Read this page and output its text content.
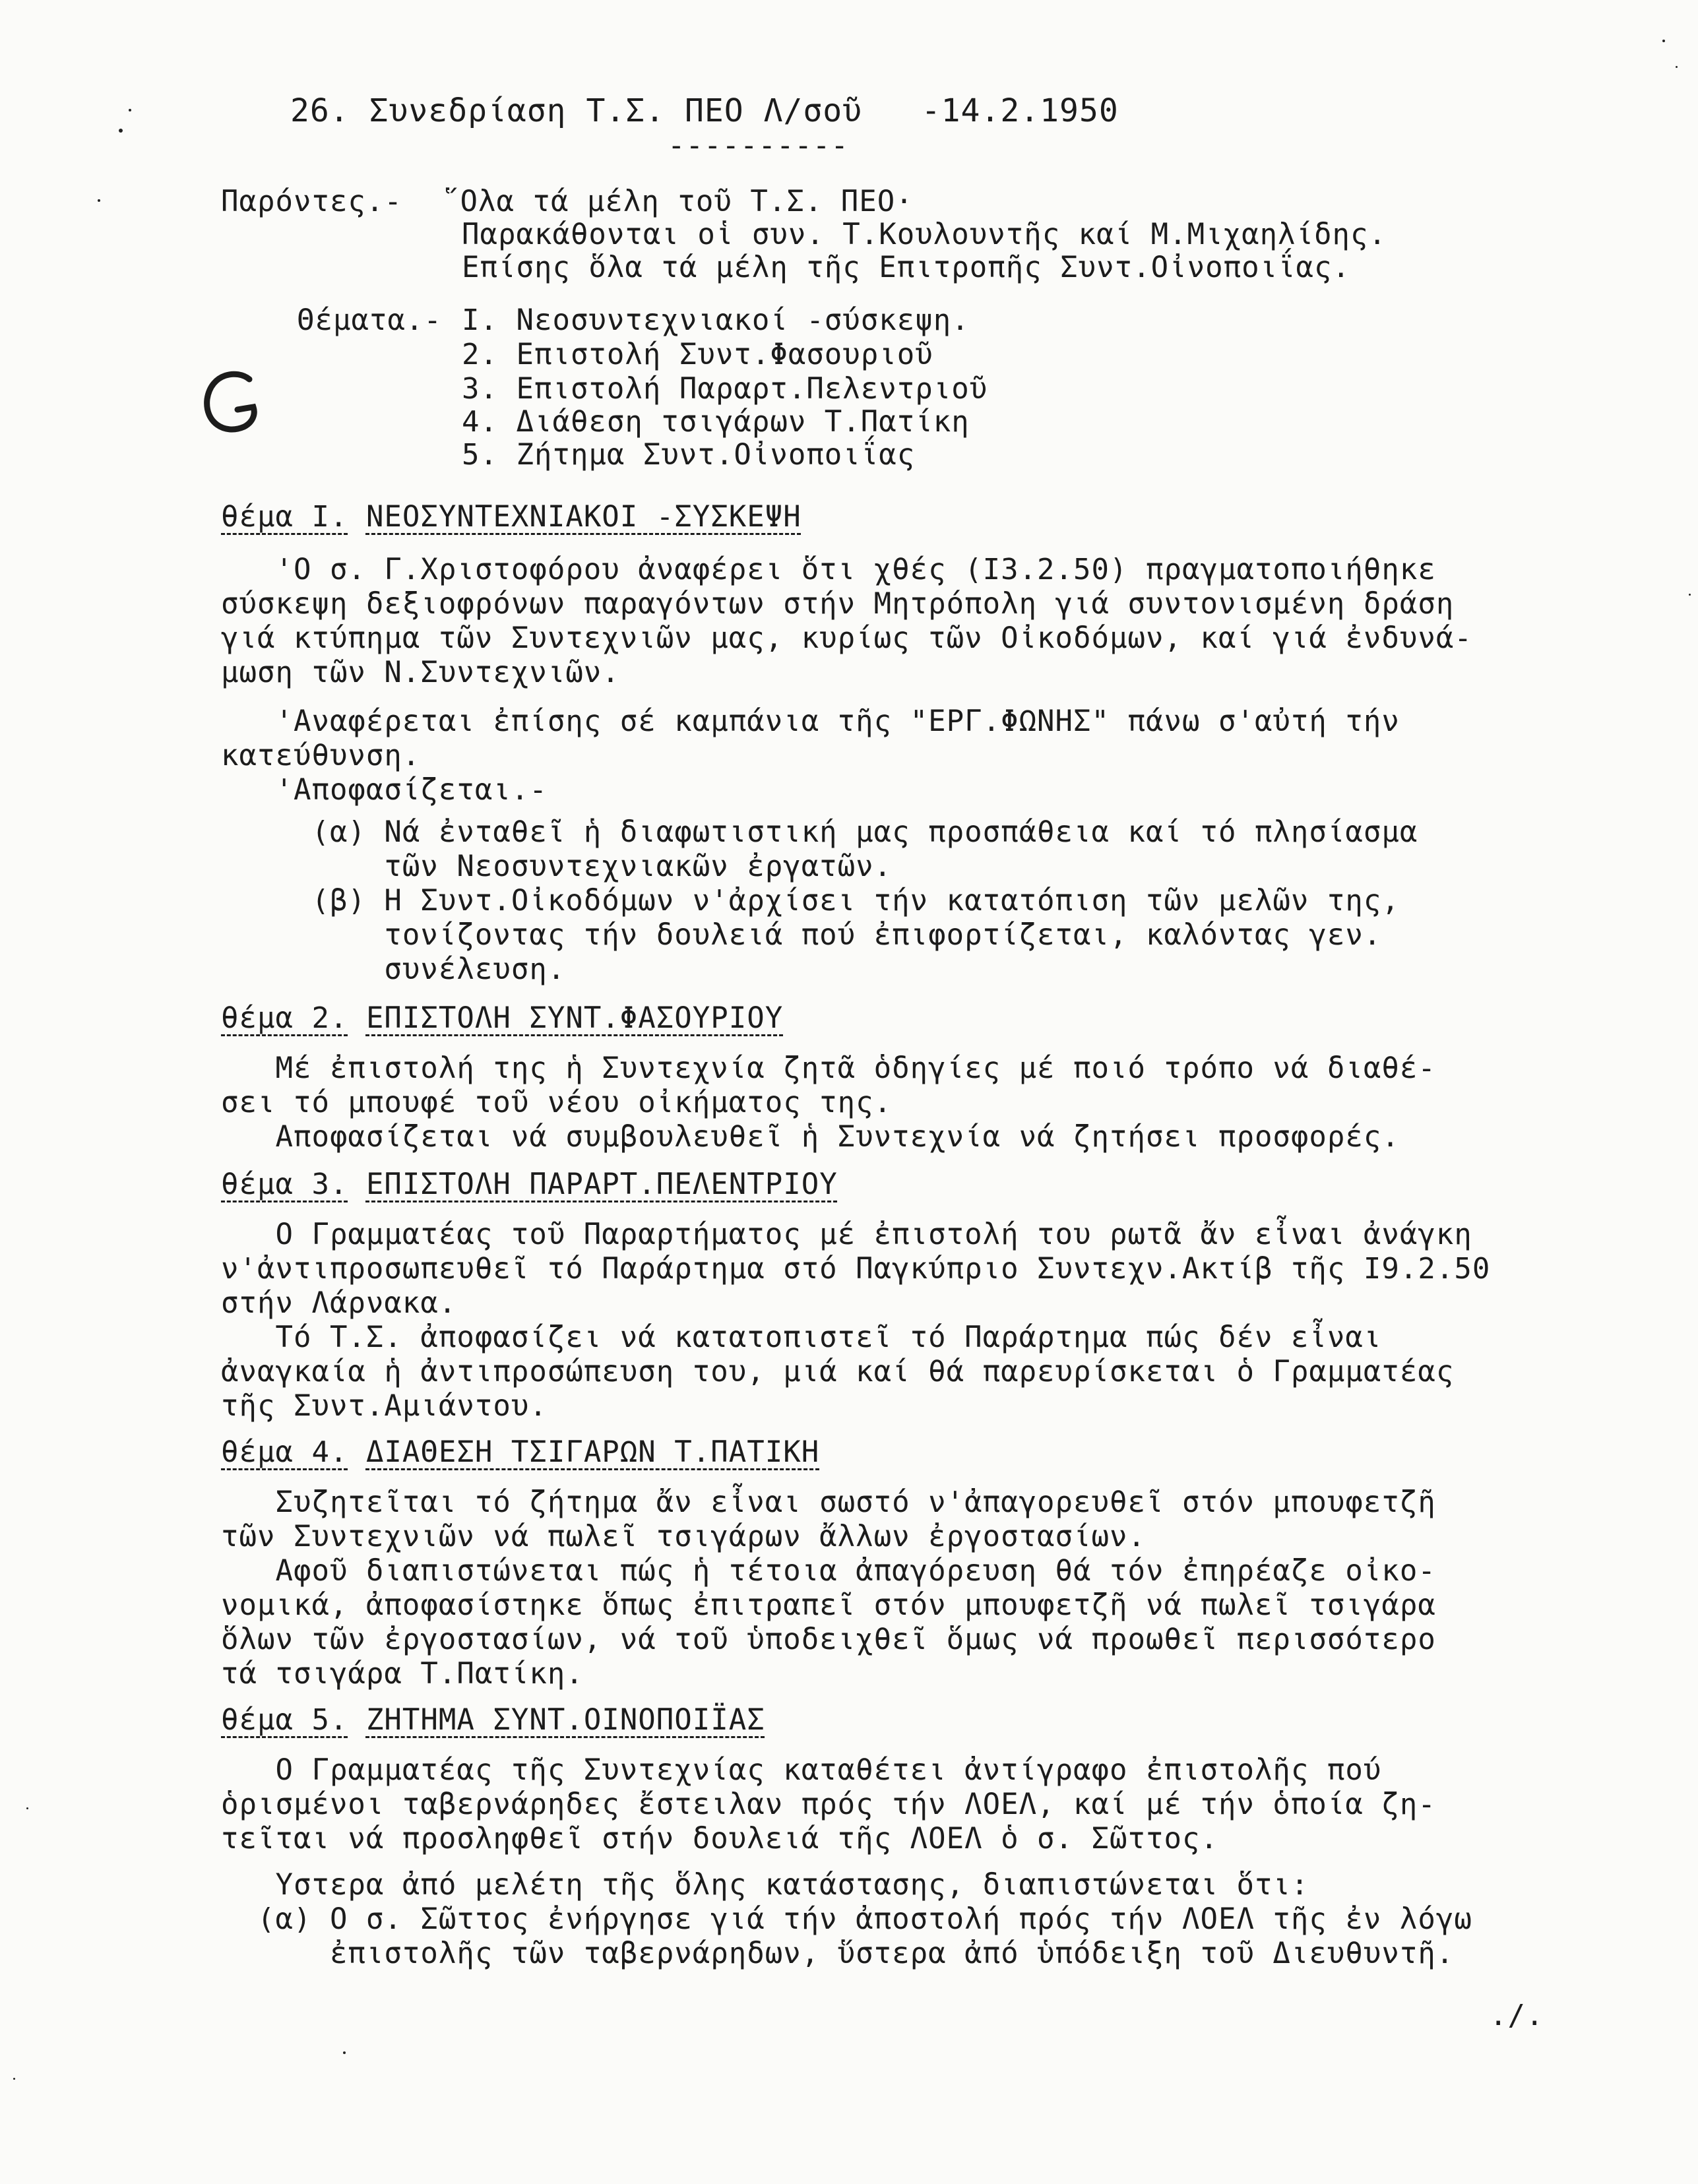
26. Συνεδρίαση Τ.Σ. ΠΕΟ Λ/σοῦ   -14.2.1950
----------
Παρόντες.- ῞Ολα τά μέλη τοῦ Τ.Σ. ΠΕΟ·
Παρακάθονται οἱ συν. Τ.Κουλουντῆς καί Μ.Μιχαηλίδης.
Επίσης ὅλα τά μέλη τῆς Επιτροπῆς Συντ.Οἰνοποιΐας.
Θέματα.- I. Νεοσυντεχνιακοί -σύσκεψη.
2. Επιστολή Συντ.Φασουριοῦ
3. Επιστολή Παραρτ.Πελεντριοῦ
4. Διάθεση τσιγάρων Τ.Πατίκη
5. Ζήτημα Συντ.Οἰνοποιΐας
θέμα I. ΝΕΟΣΥΝΤΕΧΝΙΑΚΟΙ -ΣΥΣΚΕΨΗ
'Ο σ. Γ.Χριστοφόρου ἀναφέρει ὅτι χθές (I3.2.50) πραγματοποιήθηκε
σύσκεψη δεξιοφρόνων παραγόντων στήν Μητρόπολη γιά συντονισμένη δράση
γιά κτύπημα τῶν Συντεχνιῶν μας, κυρίως τῶν Οἰκοδόμων, καί γιά ἐνδυνά-
μωση τῶν Ν.Συντεχνιῶν.
'Αναφέρεται ἐπίσης σέ καμπάνια τῆς "ΕΡΓ.ΦΩΝΗΣ" πάνω σ'αὐτή τήν
κατεύθυνση.
'Αποφασίζεται.-
(α) Νά ἐνταθεῖ ἡ διαφωτιστική μας προσπάθεια καί τό πλησίασμα
τῶν Νεοσυντεχνιακῶν ἐργατῶν.
(β) Η Συντ.Οἰκοδόμων ν'ἀρχίσει τήν κατατόπιση τῶν μελῶν της,
τονίζοντας τήν δουλειά πού ἐπιφορτίζεται, καλόντας γεν.
συνέλευση.
θέμα 2. ΕΠΙΣΤΟΛΗ ΣΥΝΤ.ΦΑΣΟΥΡΙΟΥ
Μέ ἐπιστολή της ἡ Συντεχνία ζητᾶ ὁδηγίες μέ ποιό τρόπο νά διαθέ-
σει τό μπουφέ τοῦ νέου οἰκήματος της.
Αποφασίζεται νά συμβουλευθεῖ ἡ Συντεχνία νά ζητήσει προσφορές.
θέμα 3. ΕΠΙΣΤΟΛΗ ΠΑΡΑΡΤ.ΠΕΛΕΝΤΡΙΟΥ
Ο Γραμματέας τοῦ Παραρτήματος μέ ἐπιστολή του ρωτᾶ ἄν εἶναι ἀνάγκη
ν'ἀντιπροσωπευθεῖ τό Παράρτημα στό Παγκύπριο Συντεχν.Ακτίβ τῆς I9.2.50
στήν Λάρνακα.
Τό Τ.Σ. ἀποφασίζει νά κατατοπιστεῖ τό Παράρτημα πώς δέν εἶναι
ἀναγκαία ἡ ἀντιπροσώπευση του, μιά καί θά παρευρίσκεται ὁ Γραμματέας
τῆς Συντ.Αμιάντου.
θέμα 4. ΔΙΑΘΕΣΗ ΤΣΙΓΑΡΩΝ Τ.ΠΑΤΙΚΗ
Συζητεῖται τό ζήτημα ἄν εἶναι σωστό ν'ἀπαγορευθεῖ στόν μπουφετζῆ
τῶν Συντεχνιῶν νά πωλεῖ τσιγάρων ἄλλων ἐργοστασίων.
Αφοῦ διαπιστώνεται πώς ἡ τέτοια ἀπαγόρευση θά τόν ἐπηρέαζε οἰκο-
νομικά, ἀποφασίστηκε ὅπως ἐπιτραπεῖ στόν μπουφετζῆ νά πωλεῖ τσιγάρα
ὅλων τῶν ἐργοστασίων, νά τοῦ ὑποδειχθεῖ ὅμως νά προωθεῖ περισσότερο
τά τσιγάρα Τ.Πατίκη.
θέμα 5. ΖΗΤΗΜΑ ΣΥΝΤ.ΟΙΝΟΠΟΙΪΑΣ
Ο Γραμματέας τῆς Συντεχνίας καταθέτει ἀντίγραφο ἐπιστολῆς πού
ὁρισμένοι ταβερνάρηδες ἔστειλαν πρός τήν ΛΟΕΛ, καί μέ τήν ὁποία ζη-
τεῖται νά προσληφθεῖ στήν δουλειά τῆς ΛΟΕΛ ὁ σ. Σῶττος.
Υστερα ἀπό μελέτη τῆς ὅλης κατάστασης, διαπιστώνεται ὅτι:
(α) Ο σ. Σῶττος ἐνήργησε γιά τήν ἀποστολή πρός τήν ΛΟΕΛ τῆς ἐν λόγω
ἐπιστολῆς τῶν ταβερνάρηδων, ὕστερα ἀπό ὑπόδειξη τοῦ Διευθυντῆ.
./.
